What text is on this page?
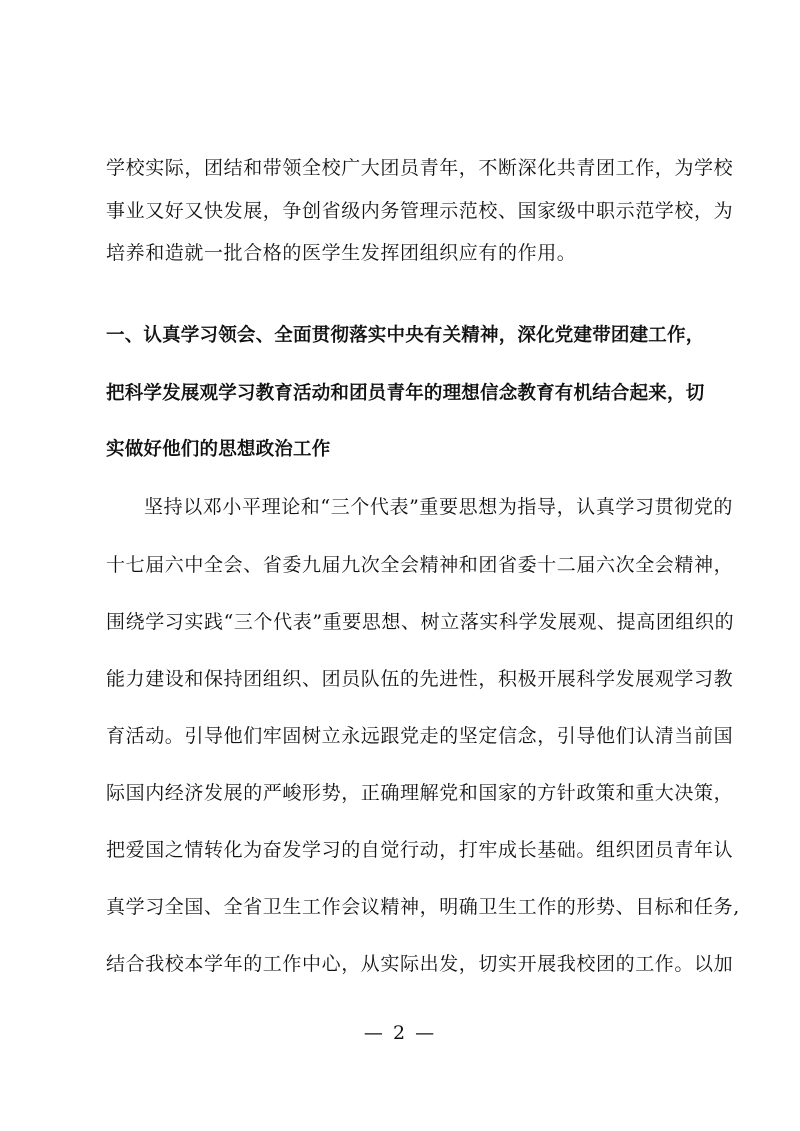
学校实际，团结和带领全校广大团员青年，不断深化共青团工作，为学校
事业又好又快发展，争创省级内务管理示范校、国家级中职示范学校，为
培养和造就一批合格的医学生发挥团组织应有的作用。
一、认真学习领会、全面贯彻落实中央有关精神，深化党建带团建工作，
把科学发展观学习教育活动和团员青年的理想信念教育有机结合起来，切
实做好他们的思想政治工作
坚持以邓小平理论和“三个代表”重要思想为指导，认真学习贯彻党的
十七届六中全会、省委九届九次全会精神和团省委十二届六次全会精神，
围绕学习实践“三个代表”重要思想、树立落实科学发展观、提高团组织的
能力建设和保持团组织、团员队伍的先进性，积极开展科学发展观学习教
育活动。引导他们牢固树立永远跟党走的坚定信念，引导他们认清当前国
际国内经济发展的严峻形势，正确理解党和国家的方针政策和重大决策，
把爱国之情转化为奋发学习的自觉行动，打牢成长基础。组织团员青年认
真学习全国、全省卫生工作会议精神，明确卫生工作的形势、目标和任务,
结合我校本学年的工作中心，从实际出发，切实开展我校团的工作。以加
— 2 —
